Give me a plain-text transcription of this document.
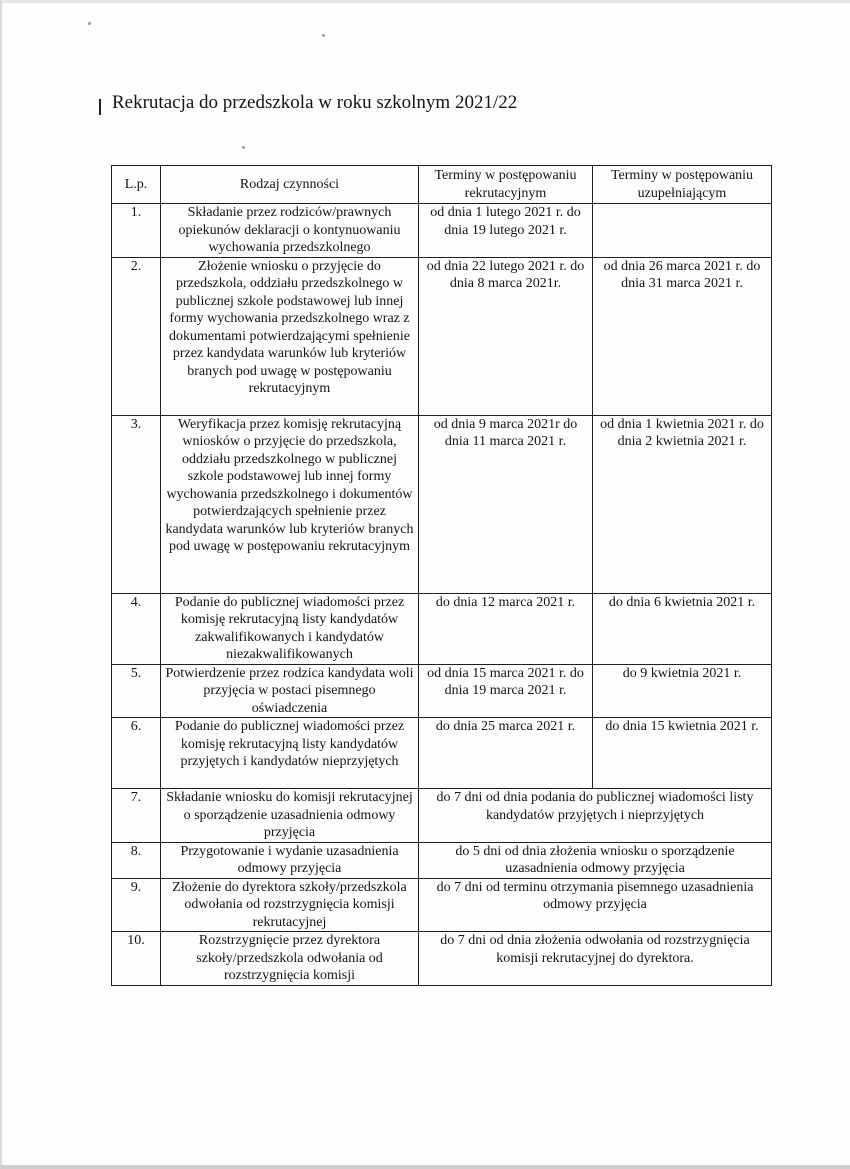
Rekrutacja do przedszkola w roku szkolnym 2021/22
L.p.	Rodzaj czynności	Terminy w postępowaniu rekrutacyjnym	Terminy w postępowaniu uzupełniającym
1.	Składanie przez rodziców/prawnych opiekunów deklaracji o kontynuowaniu wychowania przedszkolnego	od dnia 1 lutego 2021 r. do dnia 19 lutego 2021 r.	
2.	Złożenie wniosku o przyjęcie do przedszkola, oddziału przedszkolnego w publicznej szkole podstawowej lub innej formy wychowania przedszkolnego wraz z dokumentami potwierdzającymi spełnienie przez kandydata warunków lub kryteriów branych pod uwagę w postępowaniu rekrutacyjnym	od dnia 22 lutego 2021 r. do dnia 8 marca 2021r.	od dnia 26 marca 2021 r. do dnia 31 marca 2021 r.
3.	Weryfikacja przez komisję rekrutacyjną wniosków o przyjęcie do przedszkola, oddziału przedszkolnego w publicznej szkole podstawowej lub innej formy wychowania przedszkolnego i dokumentów potwierdzających spełnienie przez kandydata warunków lub kryteriów branych pod uwagę w postępowaniu rekrutacyjnym	od dnia 9 marca 2021r do dnia 11 marca 2021 r.	od dnia 1 kwietnia 2021 r. do dnia 2 kwietnia 2021 r.
4.	Podanie do publicznej wiadomości przez komisję rekrutacyjną listy kandydatów zakwalifikowanych i kandydatów niezakwalifikowanych	do dnia 12 marca 2021 r.	do dnia 6 kwietnia 2021 r.
5.	Potwierdzenie przez rodzica kandydata woli przyjęcia w postaci pisemnego oświadczenia	od dnia 15 marca 2021 r. do dnia 19 marca 2021 r.	do 9 kwietnia 2021 r.
6.	Podanie do publicznej wiadomości przez komisję rekrutacyjną listy kandydatów przyjętych i kandydatów nieprzyjętych	do dnia 25 marca 2021 r.	do dnia 15 kwietnia 2021 r.
7.	Składanie wniosku do komisji rekrutacyjnej o sporządzenie uzasadnienia odmowy przyjęcia	do 7 dni od dnia podania do publicznej wiadomości listy kandydatów przyjętych i nieprzyjętych	
8.	Przygotowanie i wydanie uzasadnienia odmowy przyjęcia	do 5 dni od dnia złożenia wniosku o sporządzenie uzasadnienia odmowy przyjęcia	
9.	Złożenie do dyrektora szkoły/przedszkola odwołania od rozstrzygnięcia komisji rekrutacyjnej	do 7 dni od terminu otrzymania pisemnego uzasadnienia odmowy przyjęcia	
10.	Rozstrzygnięcie przez dyrektora szkoły/przedszkola odwołania od rozstrzygnięcia komisji	do 7 dni od dnia złożenia odwołania od rozstrzygnięcia komisji rekrutacyjnej do dyrektora.	
